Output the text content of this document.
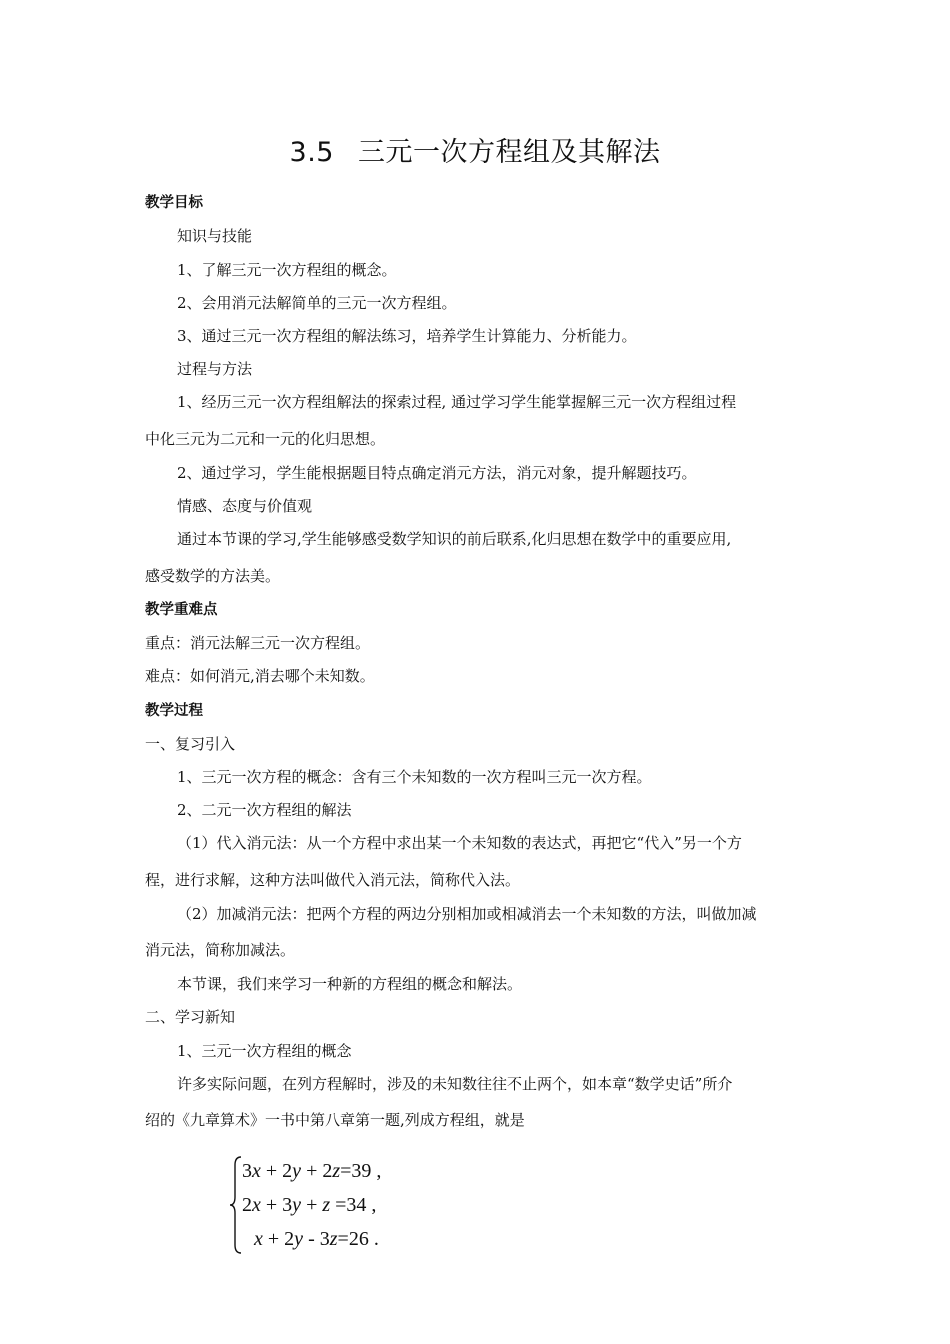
3.5 三元一次方程组及其解法
教学目标
知识与技能
1、了解三元一次方程组的概念。
2、会用消元法解简单的三元一次方程组。
3、通过三元一次方程组的解法练习，培养学生计算能力、分析能力。
过程与方法
1、经历三元一次方程组解法的探索过程, 通过学习学生能掌握解三元一次方程组过程
中化三元为二元和一元的化归思想。
2、通过学习，学生能根据题目特点确定消元方法，消元对象，提升解题技巧。
情感、态度与价值观
通过本节课的学习,学生能够感受数学知识的前后联系,化归思想在数学中的重要应用,
感受数学的方法美。
教学重难点
重点：消元法解三元一次方程组。
难点：如何消元,消去哪个未知数。
教学过程
一、复习引入
1、三元一次方程的概念：含有三个未知数的一次方程叫三元一次方程。
2、二元一次方程组的解法
（1）代入消元法：从一个方程中求出某一个未知数的表达式，再把它“代入”另一个方
程，进行求解，这种方法叫做代入消元法，简称代入法。
（2）加减消元法：把两个方程的两边分别相加或相减消去一个未知数的方法，叫做加减
消元法，简称加减法。
本节课，我们来学习一种新的方程组的概念和解法。
二、学习新知
1、三元一次方程组的概念
许多实际问题，在列方程解时，涉及的未知数往往不止两个，如本章“数学史话”所介
绍的《九章算术》一书中第八章第一题,列成方程组，就是
3x + 2y + 2z=39 ,
2x + 3y + z =34 ,
x + 2y - 3z=26 .
